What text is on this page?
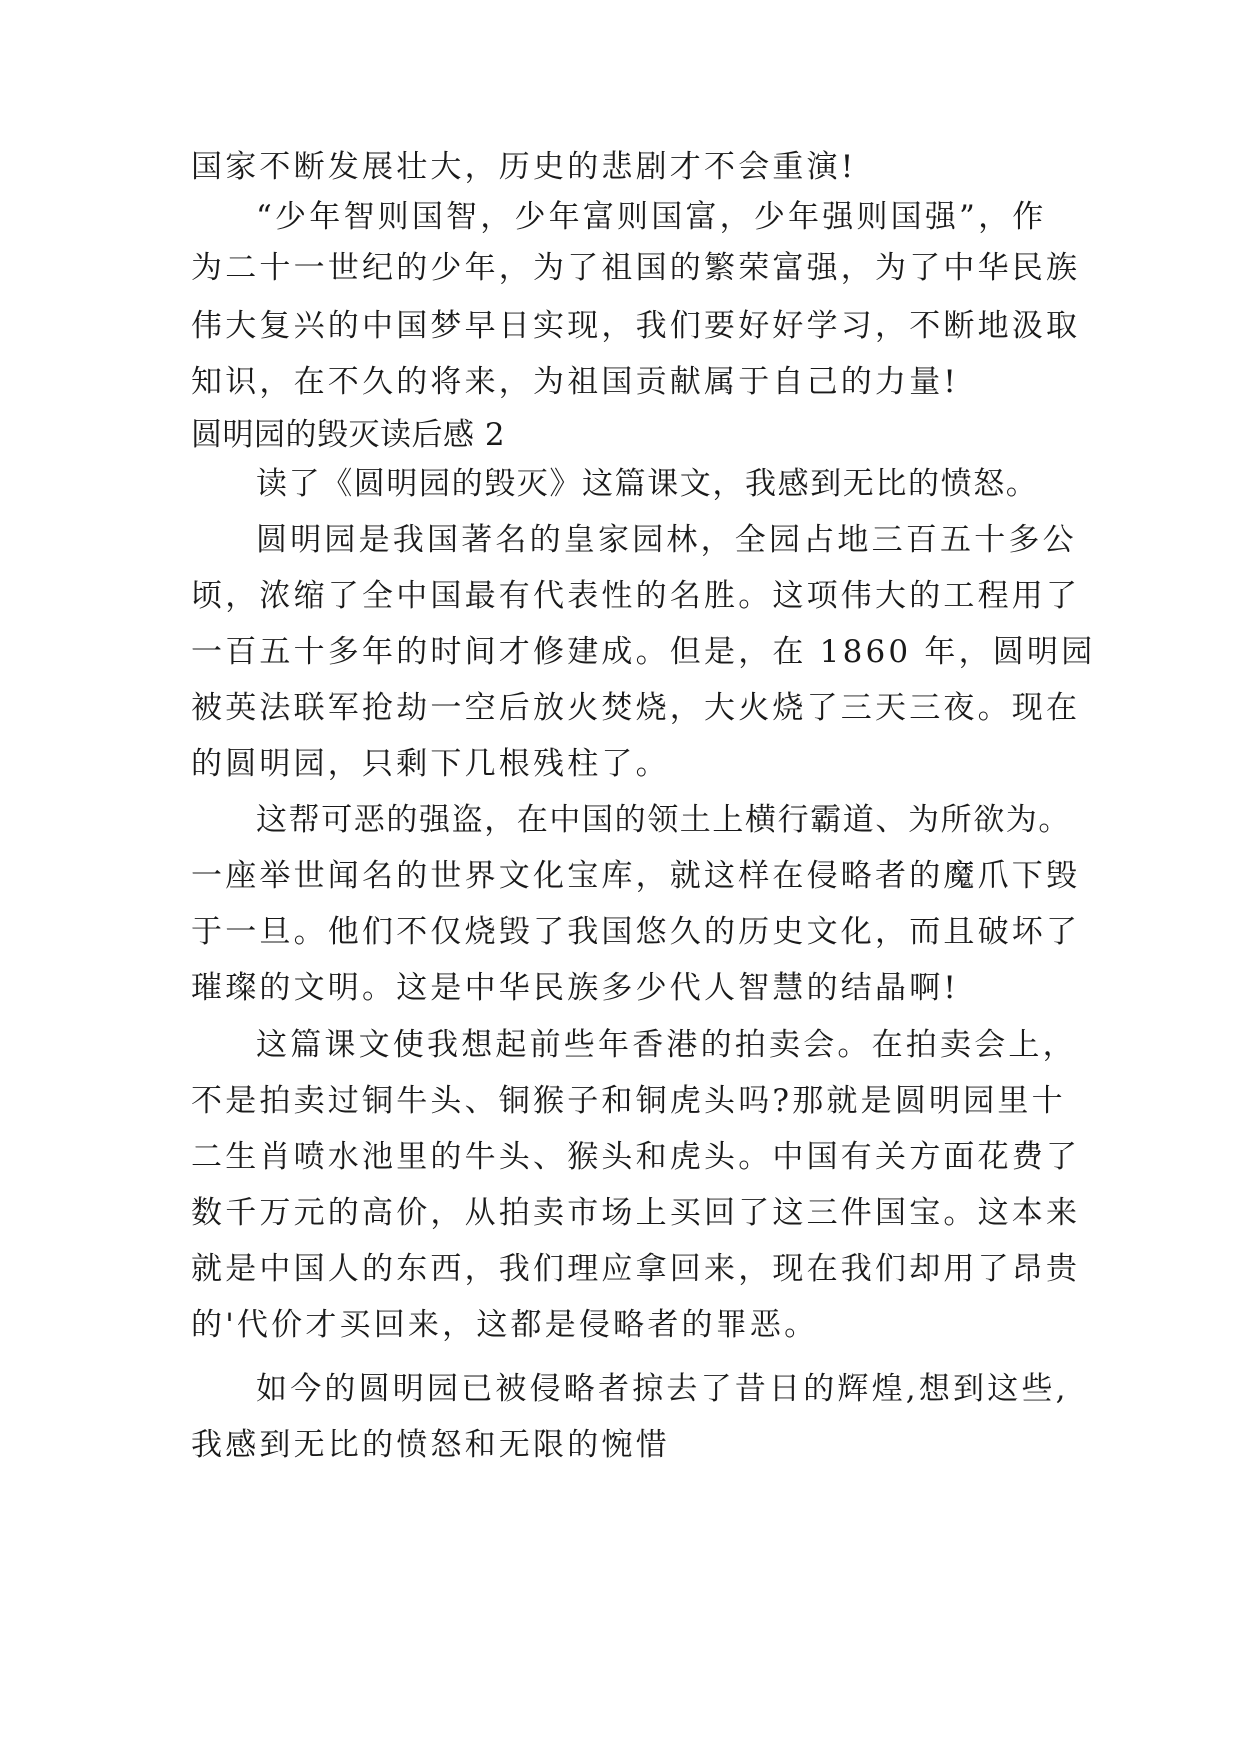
国家不断发展壮大，历史的悲剧才不会重演!
“少年智则国智，少年富则国富，少年强则国强”，作
为二十一世纪的少年，为了祖国的繁荣富强，为了中华民族
伟大复兴的中国梦早日实现，我们要好好学习，不断地汲取
知识，在不久的将来，为祖国贡献属于自己的力量!
圆明园的毁灭读后感 2
读了《圆明园的毁灭》这篇课文，我感到无比的愤怒。
圆明园是我国著名的皇家园林，全园占地三百五十多公
顷，浓缩了全中国最有代表性的名胜。这项伟大的工程用了
一百五十多年的时间才修建成。但是，在 1860 年，圆明园
被英法联军抢劫一空后放火焚烧，大火烧了三天三夜。现在
的圆明园，只剩下几根残柱了。
这帮可恶的强盗，在中国的领土上横行霸道、为所欲为。
一座举世闻名的世界文化宝库，就这样在侵略者的魔爪下毁
于一旦。他们不仅烧毁了我国悠久的历史文化，而且破坏了
璀璨的文明。这是中华民族多少代人智慧的结晶啊!
这篇课文使我想起前些年香港的拍卖会。在拍卖会上，
不是拍卖过铜牛头、铜猴子和铜虎头吗?那就是圆明园里十
二生肖喷水池里的牛头、猴头和虎头。中国有关方面花费了
数千万元的高价，从拍卖市场上买回了这三件国宝。这本来
就是中国人的东西，我们理应拿回来，现在我们却用了昂贵
的'代价才买回来，这都是侵略者的罪恶。
如今的圆明园已被侵略者掠去了昔日的辉煌,想到这些,
我感到无比的愤怒和无限的惋惜
